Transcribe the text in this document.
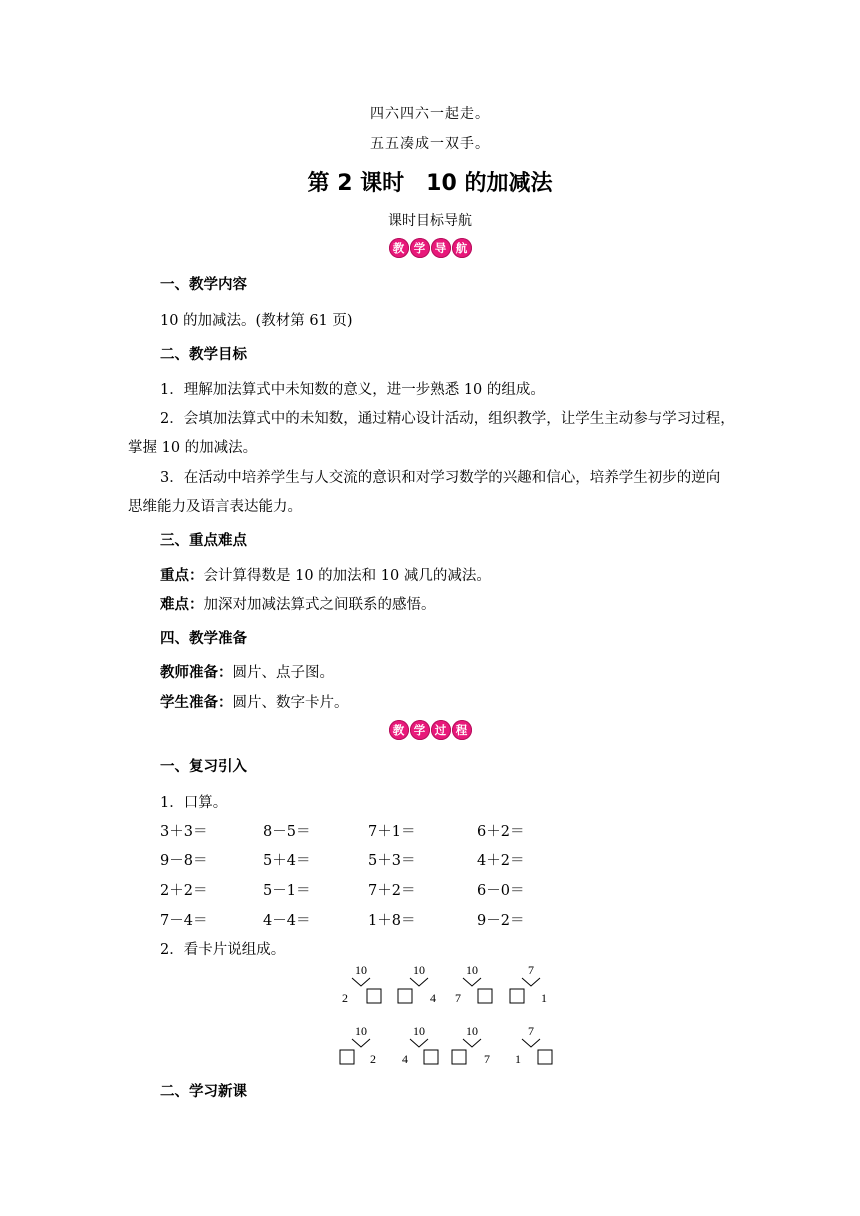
四六四六一起走。
五五凑成一双手。
第 2 课时　10 的加减法
课时目标导航
教 学 导 航
一、教学内容
10 的加减法。(教材第 61 页)
二、教学目标
1．理解加法算式中未知数的意义，进一步熟悉 10 的组成。
2．会填加法算式中的未知数，通过精心设计活动，组织教学，让学生主动参与学习过程，
掌握 10 的加减法。
3．在活动中培养学生与人交流的意识和对学习数学的兴趣和信心，培养学生初步的逆向
思维能力及语言表达能力。
三、重点难点
重点：会计算得数是 10 的加法和 10 减几的减法。
难点：加深对加减法算式之间联系的感悟。
四、教学准备
教师准备：圆片、点子图。
学生准备：圆片、数字卡片。
教 学 过 程
一、复习引入
1．口算。
3＋3＝	8－5＝	7＋1＝	6＋2＝
9－8＝	5＋4＝	5＋3＝	4＋2＝
2＋2＝	5－1＝	7＋2＝	6－0＝
7－4＝	4－4＝	1＋8＝	9－2＝
2．看卡片说组成。
10
2
10
4
10
7
7
1
10
2
10
4
10
7
7
1
二、学习新课
